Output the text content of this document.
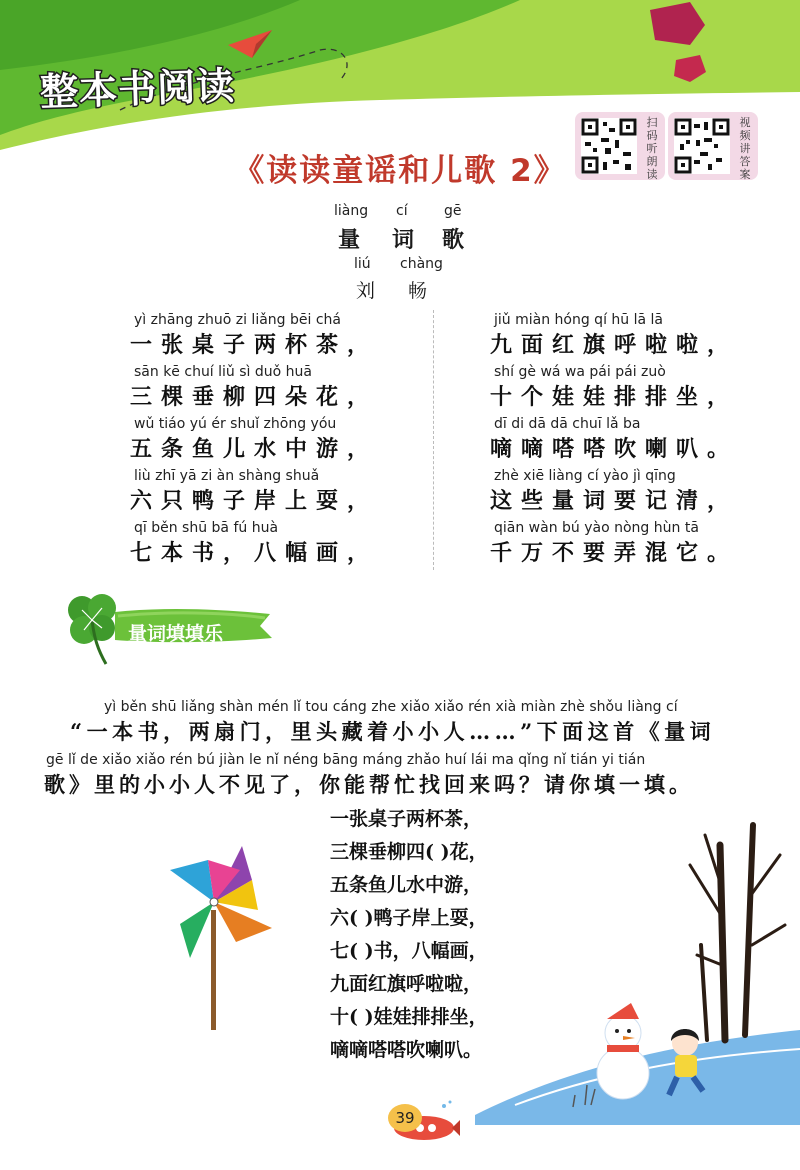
整本书阅读
《读读童谣和儿歌 2》
扫码听朗读
视频讲答案
liàng cí	gē
量 词 歌
liú chàng
刘 畅
yì zhāng zhuō zi liǎng bēi chá
一张桌子两杯茶，
sān kē chuí liǔ sì duǒ huā
三棵垂柳四朵花，
wǔ tiáo yú ér shuǐ zhōng yóu
五条鱼儿水中游，
liù zhī yā zi àn shàng shuǎ
六只鸭子岸上耍，
qī běn shū bā fú huà
七本书，八幅画，
jiǔ miàn hóng qí hū lā lā
九面红旗呼啦啦，
shí gè wá wa pái pái zuò
十个娃娃排排坐，
dī di dā dā chuī lǎ ba
嘀嘀嗒嗒吹喇叭。
zhè xiē liàng cí yào jì qīng
这些量词要记清，
qiān wàn bú yào nòng hùn tā
千万不要弄混它。
量词填填乐
yì běn shū liǎng shàn mén lǐ tou cáng zhe xiǎo xiǎo rén xià miàn zhè shǒu liàng cí
“一本书，两扇门，里头藏着小小人……”下面这首《量词
gē lǐ de xiǎo xiǎo rén bú jiàn le nǐ néng bāng máng zhǎo huí lái ma qǐng nǐ tián yi tián
歌》里的小小人不见了，你能帮忙找回来吗？请你填一填。
一张桌子两杯茶，
三棵垂柳四( )花，
五条鱼儿水中游，
六( )鸭子岸上耍，
七( )书，八幅画，
九面红旗呼啦啦，
十( )娃娃排排坐，
嘀嘀嗒嗒吹喇叭。
39
